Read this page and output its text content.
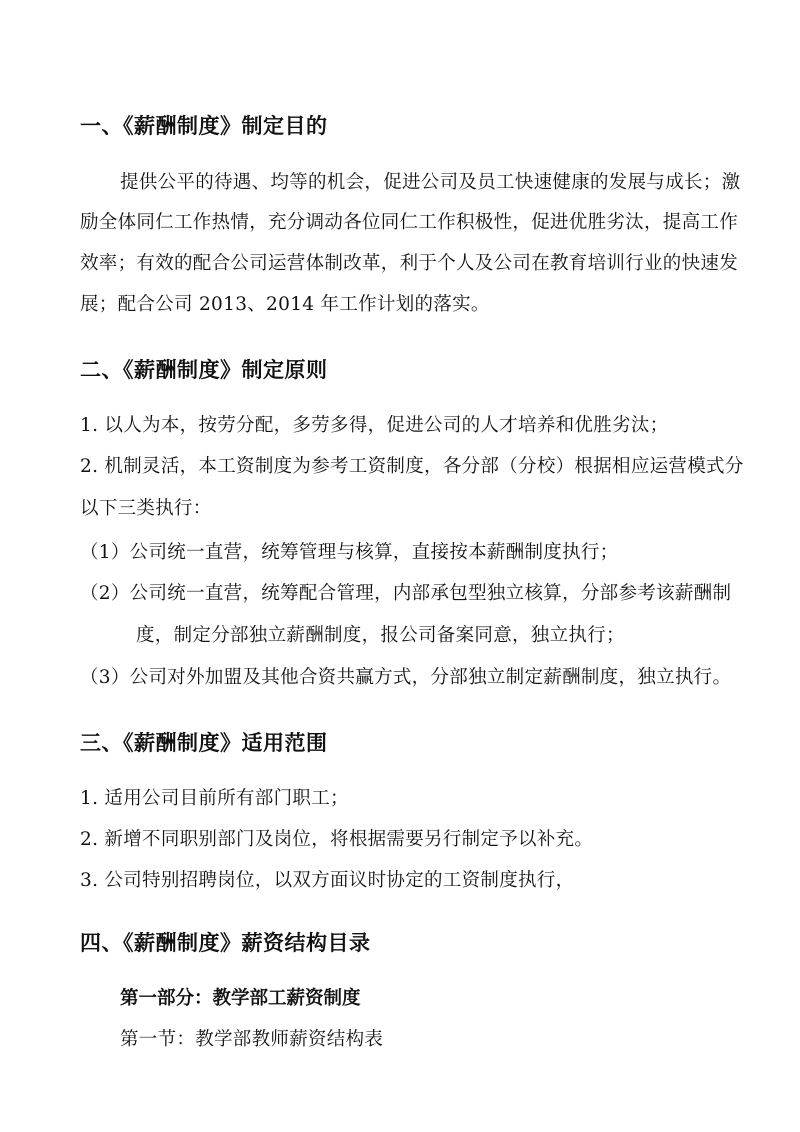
一、《薪酬制度》制定目的
提供公平的待遇、均等的机会，促进公司及员工快速健康的发展与成长；激
励全体同仁工作热情，充分调动各位同仁工作积极性，促进优胜劣汰，提高工作
效率；有效的配合公司运营体制改革，利于个人及公司在教育培训行业的快速发
展；配合公司 2013、2014 年工作计划的落实。
二、《薪酬制度》制定原则
1. 以人为本，按劳分配，多劳多得，促进公司的人才培养和优胜劣汰；
2. 机制灵活，本工资制度为参考工资制度，各分部（分校）根据相应运营模式分
以下三类执行：
（1）公司统一直营，统筹管理与核算，直接按本薪酬制度执行；
（2）公司统一直营，统筹配合管理，内部承包型独立核算，分部参考该薪酬制
度，制定分部独立薪酬制度，报公司备案同意，独立执行；
（3）公司对外加盟及其他合资共赢方式，分部独立制定薪酬制度，独立执行。
三、《薪酬制度》适用范围
1. 适用公司目前所有部门职工；
2. 新增不同职别部门及岗位，将根据需要另行制定予以补充。
3. 公司特别招聘岗位，以双方面议时协定的工资制度执行，
四、《薪酬制度》薪资结构目录
第一部分：教学部工薪资制度
第一节：教学部教师薪资结构表
